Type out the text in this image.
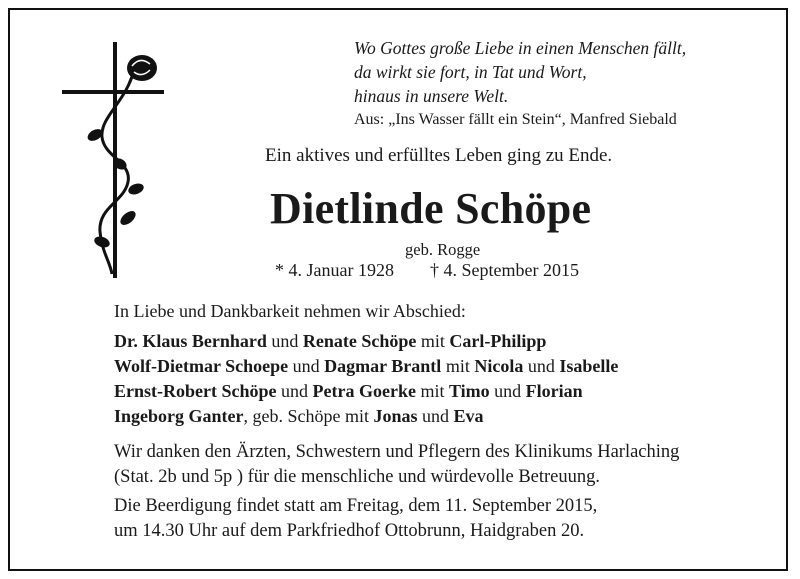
Wo Gottes große Liebe in einen Menschen fällt,
da wirkt sie fort, in Tat und Wort,
hinaus in unsere Welt.
Aus: „Ins Wasser fällt ein Stein“, Manfred Siebald
Ein aktives und erfülltes Leben ging zu Ende.
Dietlinde Schöpe
geb. Rogge
* 4. Januar 1928 † 4. September 2015
In Liebe und Dankbarkeit nehmen wir Abschied:
Dr. Klaus Bernhard und Renate Schöpe mit Carl-Philipp
Wolf-Dietmar Schoepe und Dagmar Brantl mit Nicola und Isabelle
Ernst-Robert Schöpe und Petra Goerke mit Timo und Florian
Ingeborg Ganter, geb. Schöpe mit Jonas und Eva
Wir danken den Ärzten, Schwestern und Pflegern des Klinikums Harlaching
(Stat. 2b und 5p ) für die menschliche und würdevolle Betreuung.
Die Beerdigung findet statt am Freitag, dem 11. September 2015,
um 14.30 Uhr auf dem Parkfriedhof Ottobrunn, Haidgraben 20.
